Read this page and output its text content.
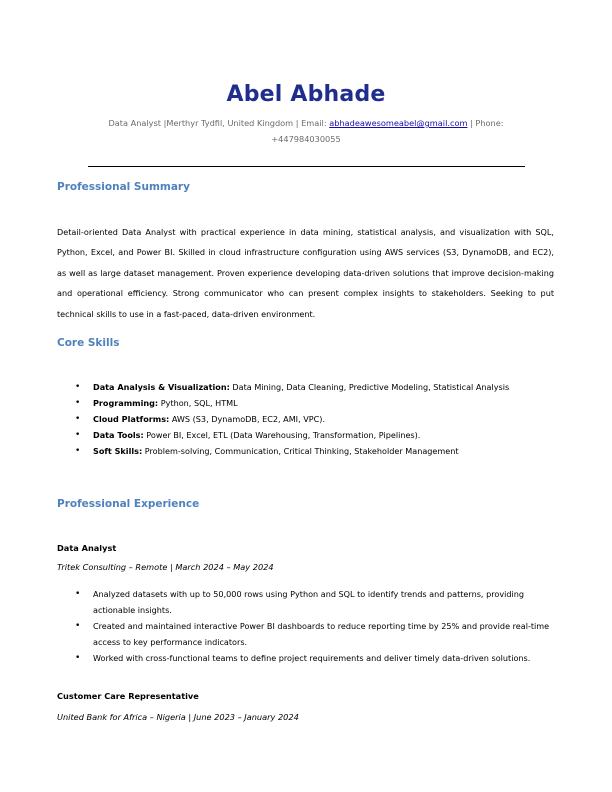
Abel Abhade
Data Analyst |Merthyr Tydfil, United Kingdom | Email: abhadeawesomeabel@gmail.com | Phone:
+447984030055
Professional Summary
Detail-oriented Data Analyst with practical experience in data mining, statistical analysis, and visualization with SQL, Python, Excel, and Power BI. Skilled in cloud infrastructure configuration using AWS services (S3, DynamoDB, and EC2), as well as large dataset management. Proven experience developing data-driven solutions that improve decision-making and operational efficiency. Strong communicator who can present complex insights to stakeholders. Seeking to put technical skills to use in a fast-paced, data-driven environment.
Core Skills
• Data Analysis & Visualization: Data Mining, Data Cleaning, Predictive Modeling, Statistical Analysis
• Programming: Python, SQL, HTML
• Cloud Platforms: AWS (S3, DynamoDB, EC2, AMI, VPC).
• Data Tools: Power BI, Excel, ETL (Data Warehousing, Transformation, Pipelines).
• Soft Skills: Problem-solving, Communication, Critical Thinking, Stakeholder Management
Professional Experience
Data Analyst
Tritek Consulting – Remote | March 2024 – May 2024
• Analyzed datasets with up to 50,000 rows using Python and SQL to identify trends and patterns, providing actionable insights.
• Created and maintained interactive Power BI dashboards to reduce reporting time by 25% and provide real-time access to key performance indicators.
• Worked with cross-functional teams to define project requirements and deliver timely data-driven solutions.
Customer Care Representative
United Bank for Africa – Nigeria | June 2023 – January 2024
